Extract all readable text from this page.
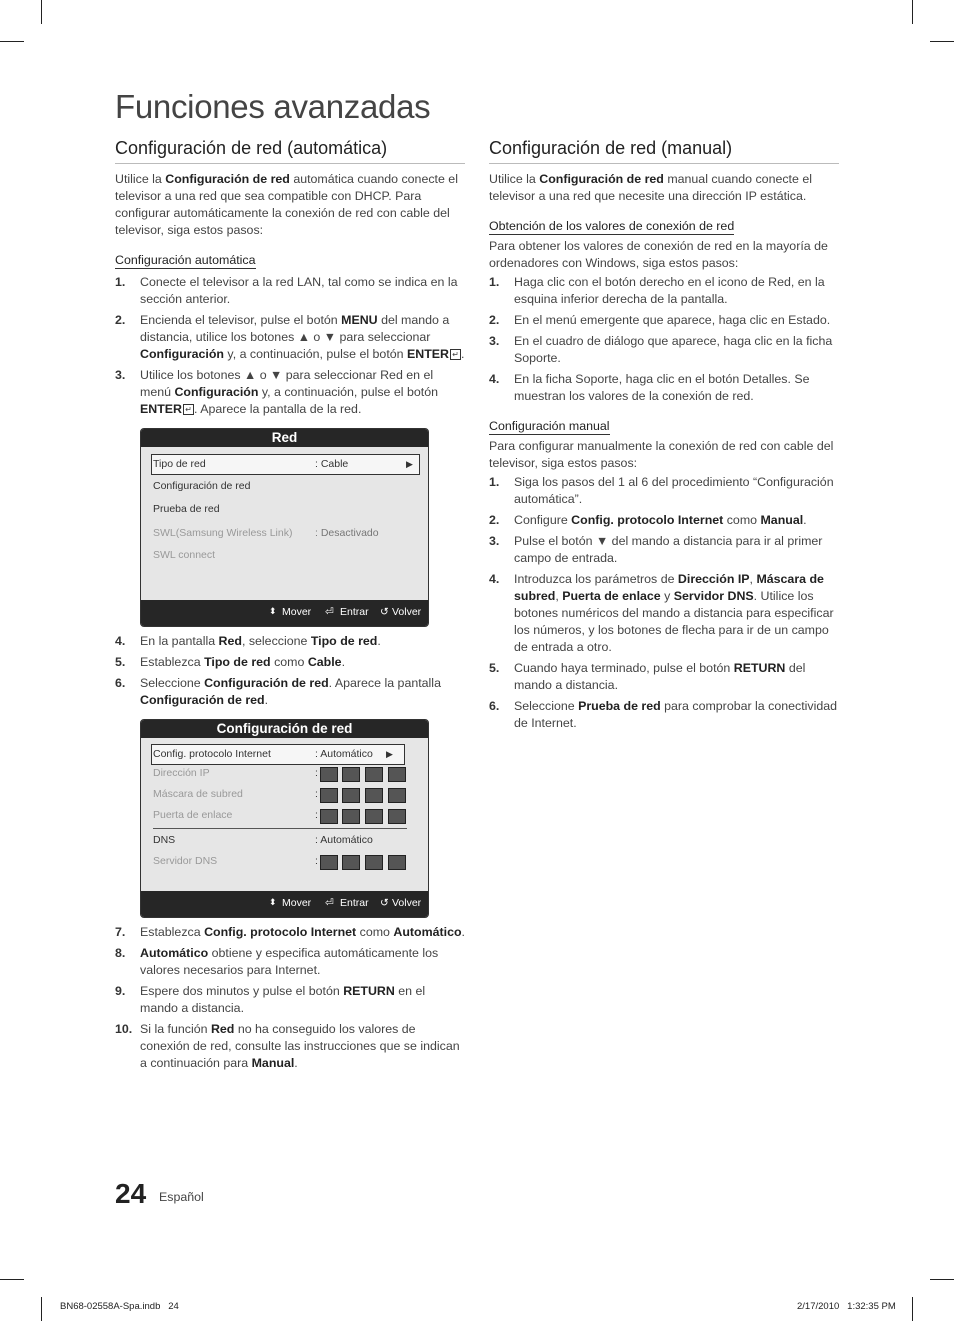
Funciones avanzadas
Configuración de red (automática)

Utilice la Configuración de red automática cuando conecte el televisor a una red que sea compatible con DHCP. Para configurar automáticamente la conexión de red con cable del televisor, siga estos pasos:

Configuración automática
1. Conecte el televisor a la red LAN, tal como se indica en la sección anterior.
2. Encienda el televisor, pulse el botón MENU del mando a distancia, utilice los botones ▲ o ▼ para seleccionar Configuración y, a continuación, pulse el botón ENTER ↵ .
3. Utilice los botones ▲ o ▼ para seleccionar Red en el menú Configuración y, a continuación, pulse el botón ENTER ↵ . Aparece la pantalla de la red.
Red
Tipo de red	: Cable	▶
Configuración de red
Prueba de red
SWL(Samsung Wireless Link) : Desactivado
SWL connect
⬍ Mover ⏎ Entrar ↺ Volver
4. En la pantalla Red, seleccione Tipo de red.
5. Establezca Tipo de red como Cable.
6. Seleccione Configuración de red. Aparece la pantalla Configuración de red.
Configuración de red
Config. protocolo Internet	: Automático ▶
Dirección IP	:
Máscara de subred	:
Puerta de enlace	:
DNS	: Automático
Servidor DNS	:
⬍ Mover ⏎ Entrar ↺ Volver
7. Establezca Config. protocolo Internet como Automático.
8. Automático obtiene y especifica automáticamente los valores necesarios para Internet.
9. Espere dos minutos y pulse el botón RETURN en el mando a distancia.
10. Si la función Red no ha conseguido los valores de conexión de red, consulte las instrucciones que se indican a continuación para Manual.
Configuración de red (manual)

Utilice la Configuración de red manual cuando conecte el televisor a una red que necesite una dirección IP estática.

Obtención de los valores de conexión de red

Para obtener los valores de conexión de red en la mayoría de ordenadores con Windows, siga estos pasos:

1. Haga clic con el botón derecho en el icono de Red, en la esquina inferior derecha de la pantalla.
2. En el menú emergente que aparece, haga clic en Estado.
3. En el cuadro de diálogo que aparece, haga clic en la ficha Soporte.
4. En la ficha Soporte, haga clic en el botón Detalles. Se muestran los valores de la conexión de red.
Configuración manual

Para configurar manualmente la conexión de red con cable del televisor, siga estos pasos:

1. Siga los pasos del 1 al 6 del procedimiento “Configuración automática”.
2. Configure Config. protocolo Internet como Manual.
3. Pulse el botón ▼ del mando a distancia para ir al primer campo de entrada.
4. Introduzca los parámetros de Dirección IP, Máscara de subred, Puerta de enlace y Servidor DNS. Utilice los botones numéricos del mando a distancia para especificar los números, y los botones de flecha para ir de un campo de entrada a otro.
5. Cuando haya terminado, pulse el botón RETURN del mando a distancia.
6. Seleccione Prueba de red para comprobar la conectividad de Internet.
24 Español
BN68-02558A-Spa.indb   24	2/17/2010   1:32:35 PM
